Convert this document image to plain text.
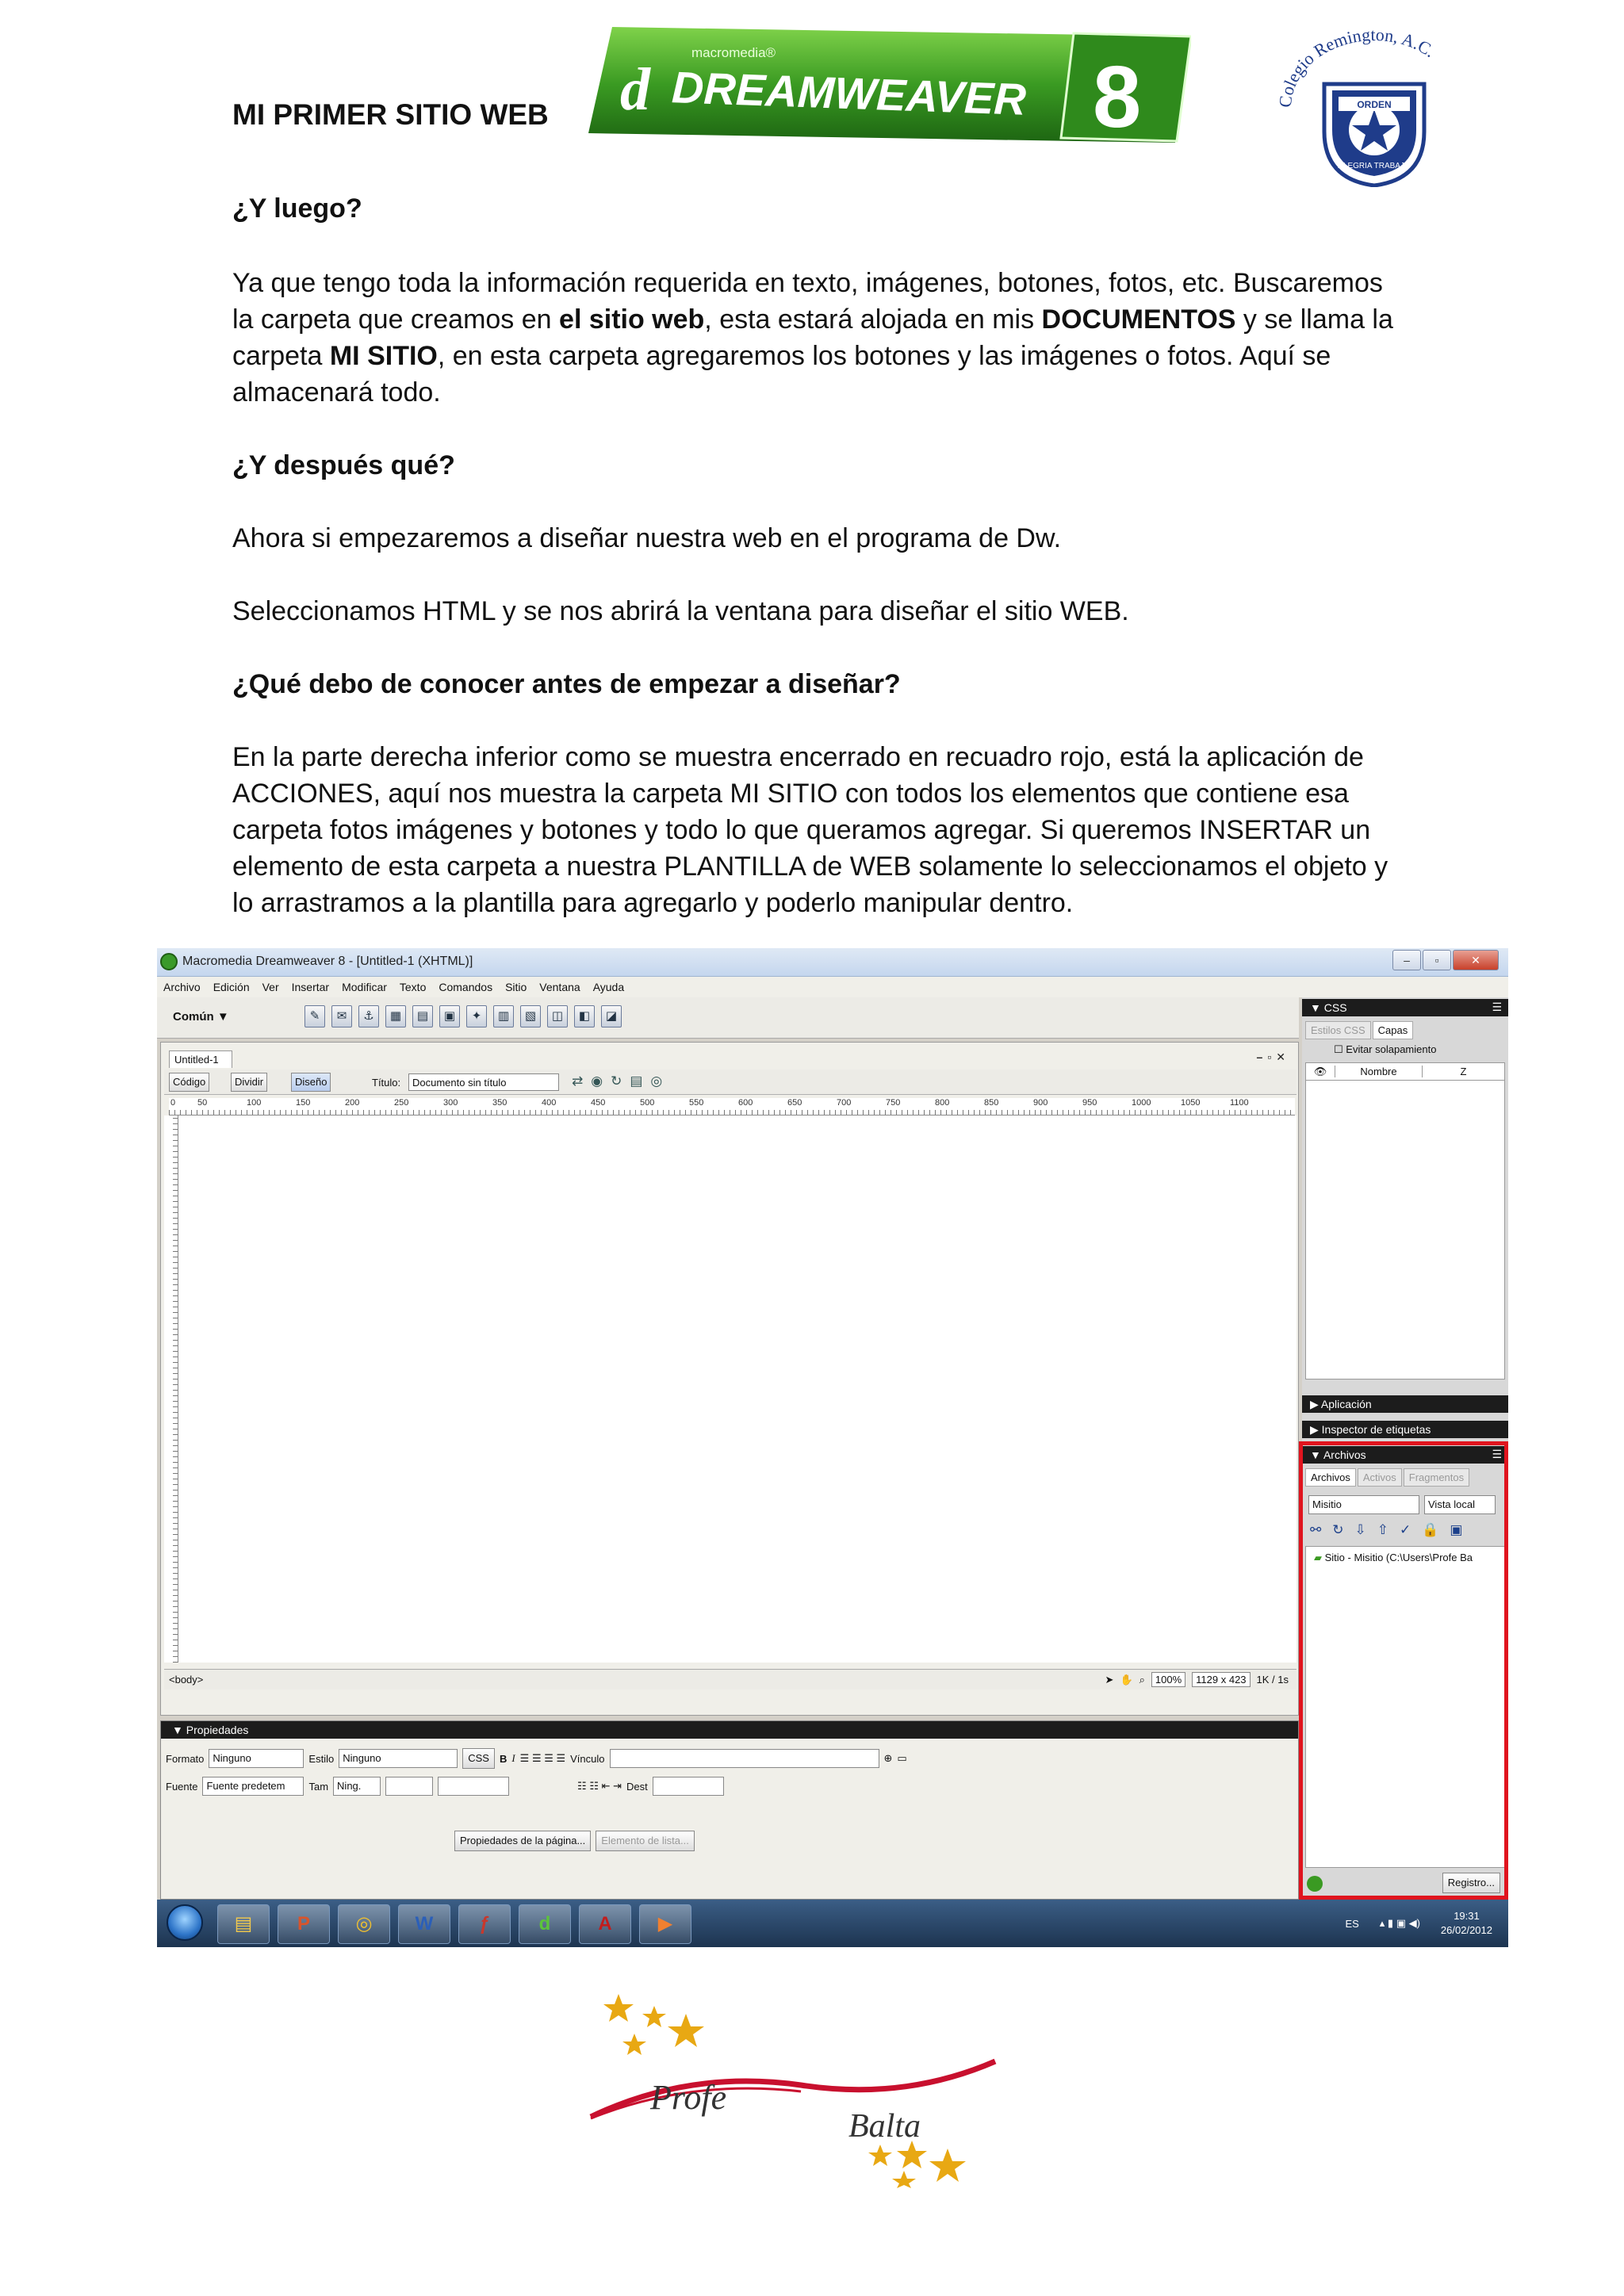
MI PRIMER SITIO WEB
macromedia®
d DREAMWEAVER 8	Colegio Remington, A.C.
ORDEN
ALEGRIA TRABAJO
¿Y luego?
Ya que tengo toda la información requerida en texto, imágenes, botones, fotos, etc. Buscaremos la carpeta que creamos en el sitio web, esta estará alojada en mis DOCUMENTOS y se llama la carpeta MI SITIO, en esta carpeta agregaremos los botones y las imágenes o fotos. Aquí se almacenará todo.
¿Y después qué?
Ahora si empezaremos a diseñar nuestra web en el programa de Dw.
Seleccionamos HTML y se nos abrirá la ventana para diseñar el sitio WEB.
¿Qué debo de conocer antes de empezar a diseñar?
En la parte derecha inferior como se muestra encerrado en recuadro rojo, está la aplicación de ACCIONES, aquí nos muestra la carpeta MI SITIO con todos los elementos que contiene esa carpeta fotos imágenes y botones y todo lo que queramos agregar. Si queremos INSERTAR un elemento de esta carpeta a nuestra PLANTILLA de WEB solamente lo seleccionamos el objeto y lo arrastramos a la plantilla para agregarlo y poderlo manipular dentro.
Macromedia Dreamweaver 8 - [Untitled-1 (XHTML)]	–	▫	✕
Archivo Edición Ver Insertar Modificar Texto Comandos Sitio Ventana Ayuda
Común ▼	✎	✉	⚓	▦	▤	▣	✦	▥	▧	◫	◧	◪
Untitled-1	–▫✕
Código	Dividir	Diseño	Título:	Documento sin título	⇄ ◉ ↻ ▤ ◎
0	50	100	150	200	250	300	350	400	450	500	550	600	650	700	750	800	850	900	950	1000	1050	1100
<body>	➤ ✋ ⌕	100%	1129 x 423	1K / 1s
▼ Propiedades
Formato Ninguno	Estilo Ninguno	CSS	B I ☰ ☰ ☰ ☰ Vínculo	⊕ ▭
Fuente Fuente predetem	Tam Ning.	☷ ☷ ⇤ ⇥ Dest
Propiedades de la página...	Elemento de lista...
▼ CSS	☰
Estilos CSS	Capas
☐ Evitar solapamiento
👁	Nombre	Z
▶ Aplicación
▶ Inspector de etiquetas
▼ Archivos	☰
Archivos	Activos	Fragmentos
Misitio	Vista local
⚯ ↻ ⇩ ⇧ ✓ 🔒 ▣
▰ Sitio - Misitio (C:\Users\Profe Ba
Registro...
▤	P	◎	W	ƒ	d	A	▶	ES ▴ ▮ ▣ ◀)
19:31
26/02/2012
Profe
Balta
